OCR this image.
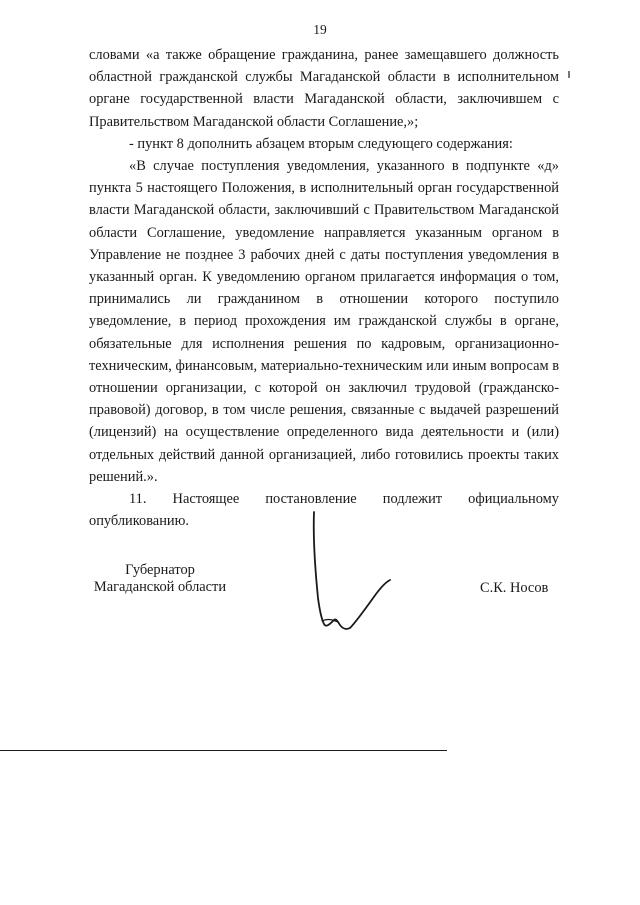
19

словами «а также обращение гражданина, ранее замещавшего должность областной гражданской службы Магаданской области в исполнительном органе государственной власти Магаданской области, заключившем с Правительством Магаданской области Соглашение,»;

- пункт 8 дополнить абзацем вторым следующего содержания:

«В случае поступления уведомления, указанного в подпункте «д» пункта 5 настоящего Положения, в исполнительный орган государственной власти Магаданской области, заключивший с Правительством Магаданской области Соглашение, уведомление направляется указанным органом в Управление не позднее 3 рабочих дней с даты поступления уведомления в указанный орган. К уведомлению органом прилагается информация о том, принимались ли гражданином в отношении которого поступило уведомление, в период прохождения им гражданской службы в органе, обязательные для исполнения решения по кадровым, организационно-техническим, финансовым, материально-техническим или иным вопросам в отношении организации, с которой он заключил трудовой (гражданско-правовой) договор, в том числе решения, связанные с выдачей разрешений (лицензий) на осуществление определенного вида деятельности и (или) отдельных действий данной организацией, либо готовились проекты таких решений.».

11. Настоящее постановление подлежит официальному опубликованию.

Губернатор Магаданской области	С.К. Носов
